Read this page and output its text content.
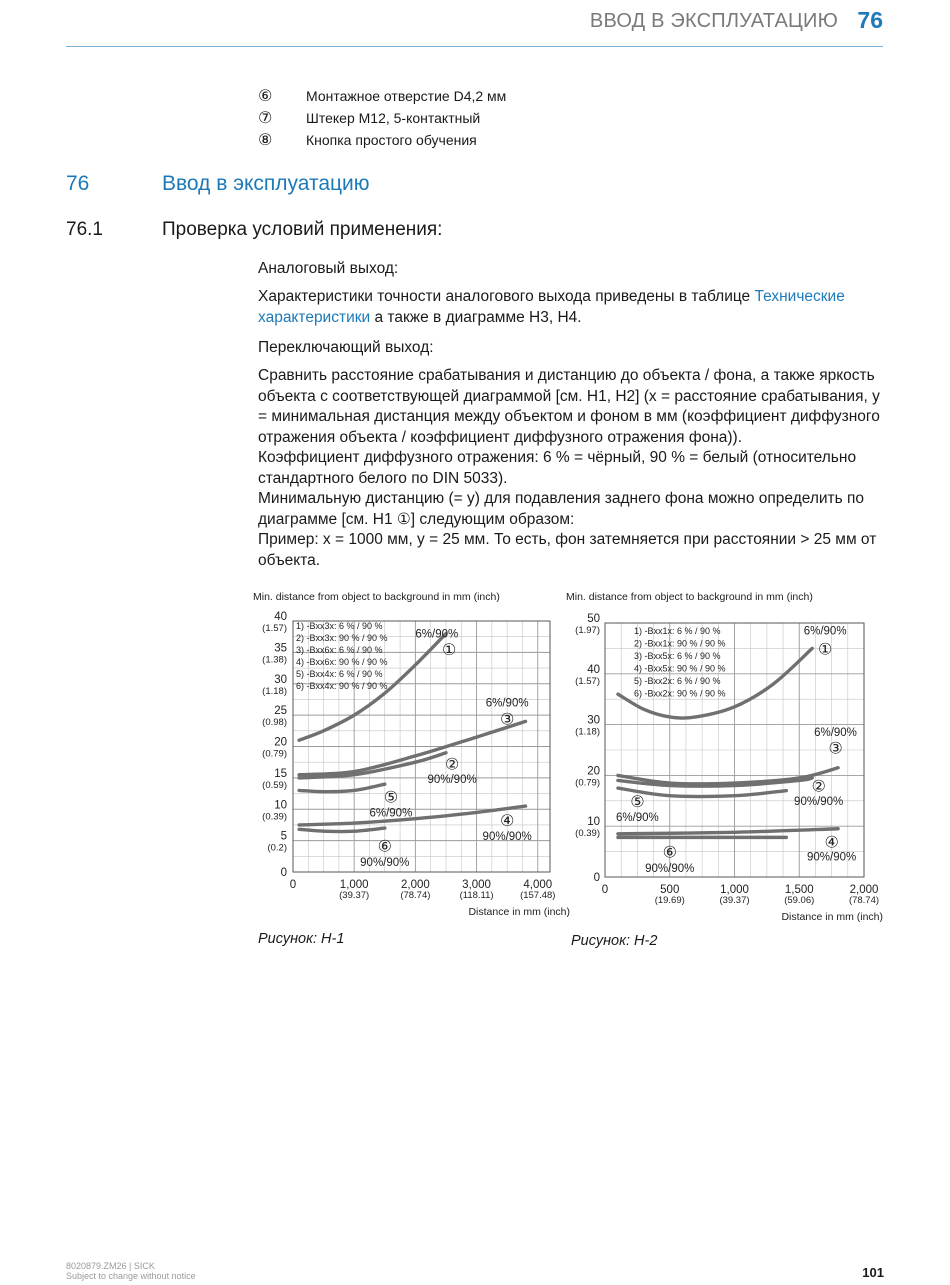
ВВОД В ЭКСПЛУАТАЦИЮ 76
⑥ Монтажное отверстие D4,2 мм
⑦ Штекер M12, 5-контактный
⑧ Кнопка простого обучения
76	Ввод в эксплуатацию
76.1	Проверка условий применения:
Аналоговый выход:
Характеристики точности аналогового выхода приведены в таблице Технические характеристики а также в диаграмме H3, H4.
Переключающий выход:
Сравнить расстояние срабатывания и дистанцию до объекта / фона, а также яркость объекта с соответствующей диаграммой [см. H1, H2] (x = расстояние срабатывания, y = минимальная дистанция между объектом и фоном в мм (коэффициент диффузного отражения объекта / коэффициент диффузного отражения фона)).
Коэффициент диффузного отражения: 6 % = чёрный, 90 % = белый (относительно стандартного белого по DIN 5033).
Минимальную дистанцию (= y) для подавления заднего фона можно определить по диаграмме [см. H1 ①] следующим образом:
Пример: x = 1000 мм, y = 25 мм. То есть, фон затемняется при расстоянии > 25 мм от объекта.
Min. distance from object to background in mm (inch)
0
5
(0.2)
10
(0.39)
15
(0.59)
20
(0.79)
25
(0.98)
30
(1.18)
35
(1.38)
40
(1.57)
0	1,000
(39.37)
2,000
(78.74)
3,000
(118.11)
4,000
(157.48)
Distance in mm (inch)
1) -Bxx3x: 6 % / 90 %
2) -Bxx3x: 90 % / 90 %
3) -Bxx6x: 6 % / 90 %
4) -Bxx6x: 90 % / 90 %
5) -Bxx4x: 6 % / 90 %
6) -Bxx4x: 90 % / 90 %
6%/90%
①
90%/90%
②
6%/90%
③
90%/90%
④
6%/90%
⑤
90%/90%
⑥
Рисунок: H-1
Min. distance from object to background in mm (inch)
0
10
(0.39)
20
(0.79)
30
(1.18)
40
(1.57)
50
(1.97)
0	500
(19.69)
1,000
(39.37)
1,500
(59.06)
2,000
(78.74)
Distance in mm (inch)
1) -Bxx1x: 6 % / 90 %
2) -Bxx1x: 90 % / 90 %
3) -Bxx5x: 6 % / 90 %
4) -Bxx5x: 90 % / 90 %
5) -Bxx2x: 6 % / 90 %
6) -Bxx2x: 90 % / 90 %
6%/90%
①
90%/90%
②
6%/90%
③
90%/90%
④
6%/90%
⑤
90%/90%
⑥
Рисунок: H-2
8020879.ZM26 | SICK
Subject to change without notice	101
